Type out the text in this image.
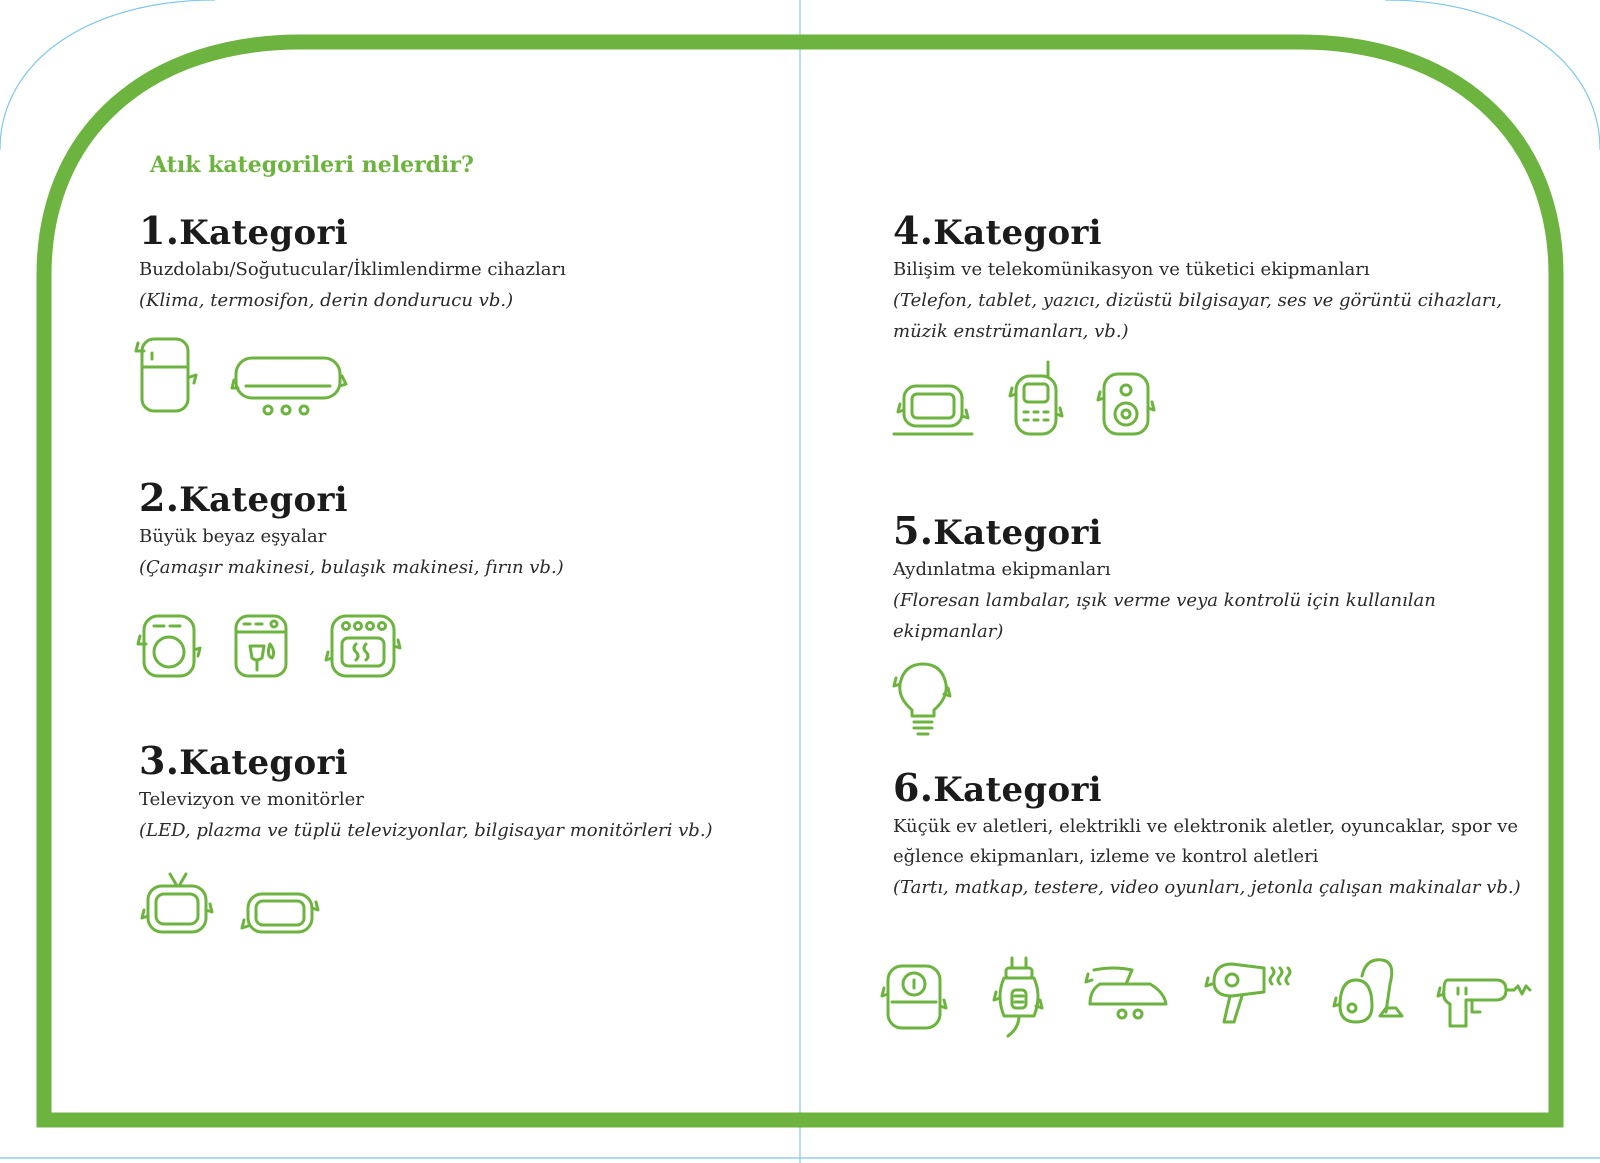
Atık kategorileri nelerdir?
1.Kategori
Buzdolabı/Soğutucular/İklimlendirme cihazları
(Klima, termosifon, derin dondurucu vb.)
2.Kategori
Büyük beyaz eşyalar
(Çamaşır makinesi, bulaşık makinesi, fırın vb.)
3.Kategori
Televizyon ve monitörler
(LED, plazma ve tüplü televizyonlar, bilgisayar monitörleri vb.)
4.Kategori
Bilişim ve telekomünikasyon ve tüketici ekipmanları
(Telefon, tablet, yazıcı, dizüstü bilgisayar, ses ve görüntü cihazları, müzik enstrümanları, vb.)
5.Kategori
Aydınlatma ekipmanları
(Floresan lambalar, ışık verme veya kontrolü için kullanılan ekipmanlar)
6.Kategori
Küçük ev aletleri, elektrikli ve elektronik aletler, oyuncaklar, spor ve eğlence ekipmanları, izleme ve kontrol aletleri
(Tartı, matkap, testere, video oyunları, jetonla çalışan makinalar vb.)
